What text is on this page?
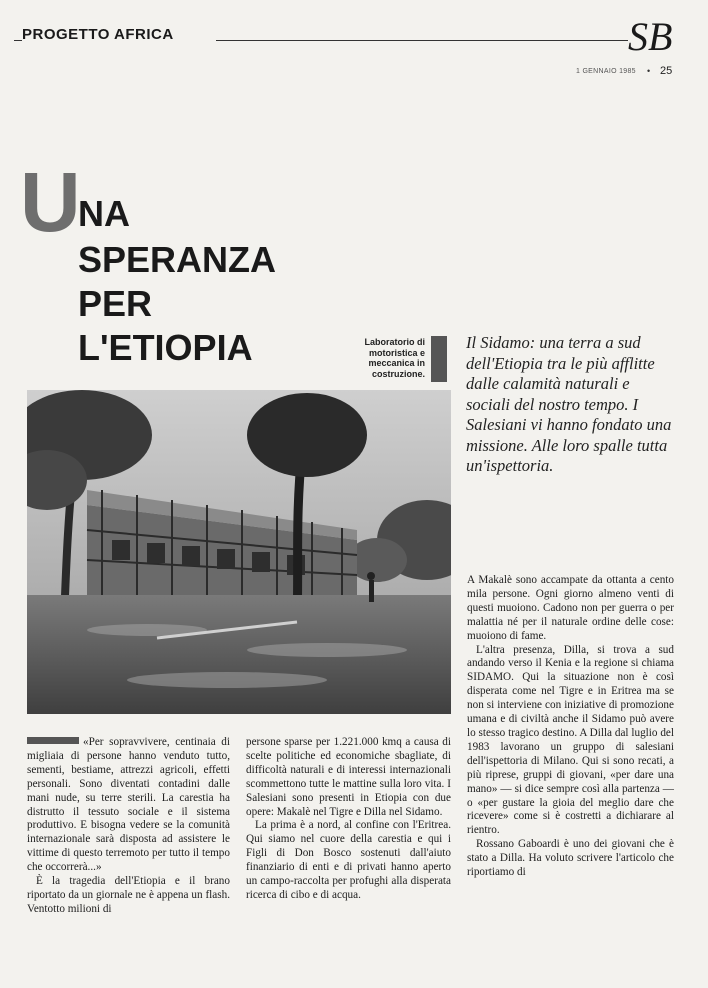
PROGETTO AFRICA	SB
1 GENNAIO 1985 • 25
U
NA
SPERANZA
PER
L'ETIOPIA	Laboratorio di
motoristica e
meccanica in
costruzione.
Il Sidamo: una terra a sud dell'Etiopia tra le più afflitte dalle calamità naturali e sociali del nostro tempo. I Salesiani vi hanno fondato una missione. Alle loro spalle tutta un'ispettoria.

«Per sopravvivere, centinaia di migliaia di persone hanno venduto tutto, sementi, bestiame, attrezzi agricoli, effetti personali. Sono diventati contadini dalle mani nude, su terre sterili. La carestia ha distrutto il tessuto sociale e il sistema produttivo. E bisogna vedere se la comunità internazionale sarà disposta ad assistere le vittime di questo terremoto per tutto il tempo che occorrerà...»

È la tragedia dell'Etiopia e il brano riportato da un giornale ne è appena un flash. Ventotto milioni di

persone sparse per 1.221.000 kmq a causa di scelte politiche ed economiche sbagliate, di difficoltà naturali e di interessi internazionali scommettono tutte le mattine sulla loro vita. I Salesiani sono presenti in Etiopia con due opere: Makalè nel Tigre e Dilla nel Sidamo.

La prima è a nord, al confine con l'Eritrea. Qui siamo nel cuore della carestia e qui i Figli di Don Bosco sostenuti dall'aiuto finanziario di enti e di privati hanno aperto un campo-raccolta per profughi alla disperata ricerca di cibo e di acqua.

A Makalè sono accampate da ottanta a cento mila persone. Ogni giorno almeno venti di questi muoiono. Cadono non per guerra o per malattia né per il naturale ordine delle cose: muoiono di fame.

L'altra presenza, Dilla, si trova a sud andando verso il Kenia e la regione si chiama SIDAMO. Qui la situazione non è così disperata come nel Tigre e in Eritrea ma se non si interviene con iniziative di promozione umana e di civiltà anche il Sidamo può avere lo stesso tragico destino. A Dilla dal luglio del 1983 lavorano un gruppo di salesiani dell'ispettoria di Milano. Qui si sono recati, a più riprese, gruppi di giovani, «per dare una mano» — si dice sempre così alla partenza — o «per gustare la gioia del meglio dare che ricevere» come si è costretti a dichiarare al rientro.

Rossano Gaboardi è uno dei giovani che è stato a Dilla. Ha voluto scrivere l'articolo che riportiamo di
